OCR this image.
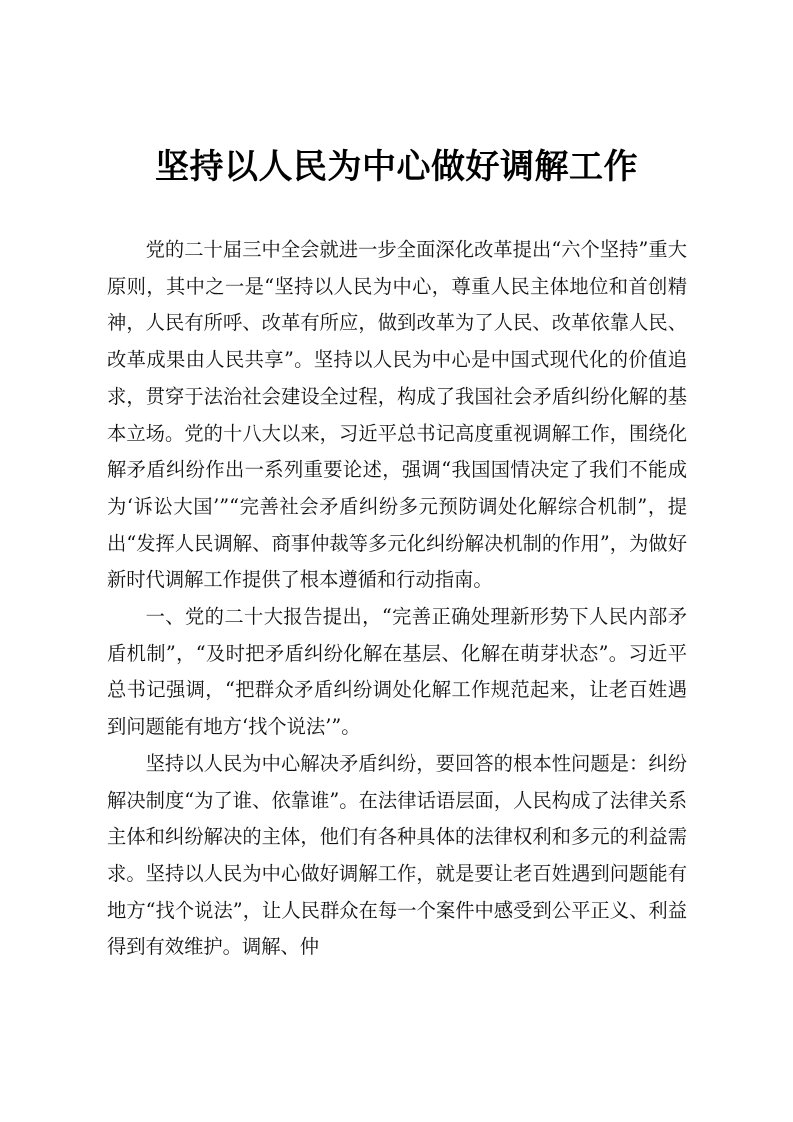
坚持以人民为中心做好调解工作

党的二十届三中全会就进一步全面深化改革提出“六个坚持”重大原则，其中之一是“坚持以人民为中心，尊重人民主体地位和首创精神，人民有所呼、改革有所应，做到改革为了人民、改革依靠人民、改革成果由人民共享”。坚持以人民为中心是中国式现代化的价值追求，贯穿于法治社会建设全过程，构成了我国社会矛盾纠纷化解的基本立场。党的十八大以来，习近平总书记高度重视调解工作，围绕化解矛盾纠纷作出一系列重要论述，强调“我国国情决定了我们不能成为‘诉讼大国’”“完善社会矛盾纠纷多元预防调处化解综合机制”，提出“发挥人民调解、商事仲裁等多元化纠纷解决机制的作用”，为做好新时代调解工作提供了根本遵循和行动指南。

一、党的二十大报告提出，“完善正确处理新形势下人民内部矛盾机制”，“及时把矛盾纠纷化解在基层、化解在萌芽状态”。习近平总书记强调，“把群众矛盾纠纷调处化解工作规范起来，让老百姓遇到问题能有地方‘找个说法’”。

坚持以人民为中心解决矛盾纠纷，要回答的根本性问题是：纠纷解决制度“为了谁、依靠谁”。在法律话语层面，人民构成了法律关系主体和纠纷解决的主体，他们有各种具体的法律权利和多元的利益需求。坚持以人民为中心做好调解工作，就是要让老百姓遇到问题能有地方“找个说法”，让人民群众在每一个案件中感受到公平正义、利益得到有效维护。调解、仲
